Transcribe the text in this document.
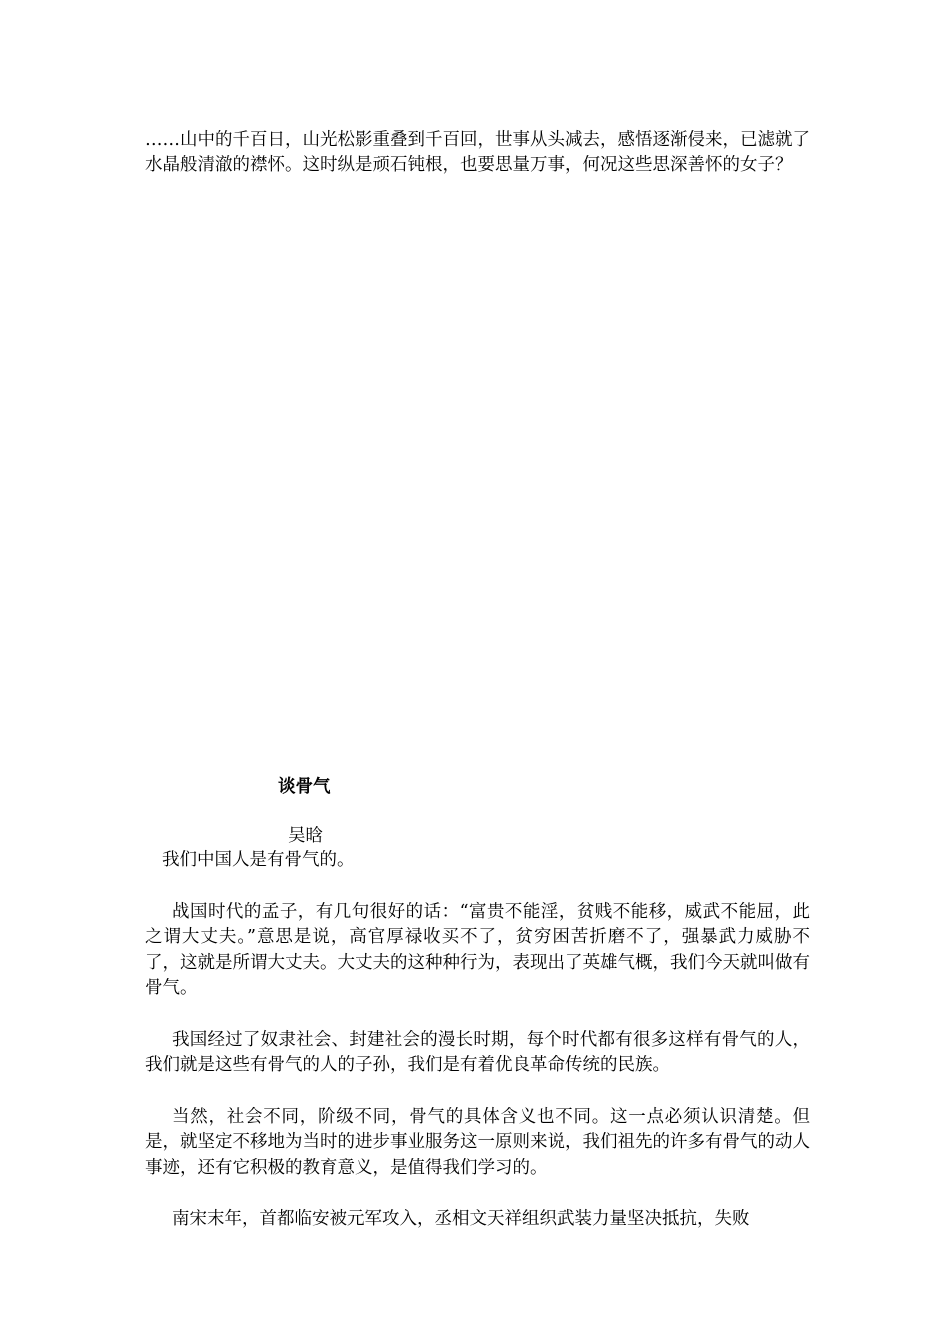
……山中的千百日，山光松影重叠到千百回，世事从头减去，感悟逐渐侵来，已滤就了水晶般清澈的襟怀。这时纵是顽石钝根，也要思量万事，何况这些思深善怀的女子？

谈骨气
吴晗

我们中国人是有骨气的。

战国时代的孟子，有几句很好的话：“富贵不能淫，贫贱不能移，威武不能屈，此之谓大丈夫。”意思是说，高官厚禄收买不了，贫穷困苦折磨不了，强暴武力威胁不了，这就是所谓大丈夫。大丈夫的这种种行为，表现出了英雄气概，我们今天就叫做有骨气。

我国经过了奴隶社会、封建社会的漫长时期，每个时代都有很多这样有骨气的人，我们就是这些有骨气的人的子孙，我们是有着优良革命传统的民族。

当然，社会不同，阶级不同，骨气的具体含义也不同。这一点必须认识清楚。但是，就坚定不移地为当时的进步事业服务这一原则来说，我们祖先的许多有骨气的动人事迹，还有它积极的教育意义，是值得我们学习的。

南宋末年，首都临安被元军攻入，丞相文天祥组织武装力量坚决抵抗，失败
